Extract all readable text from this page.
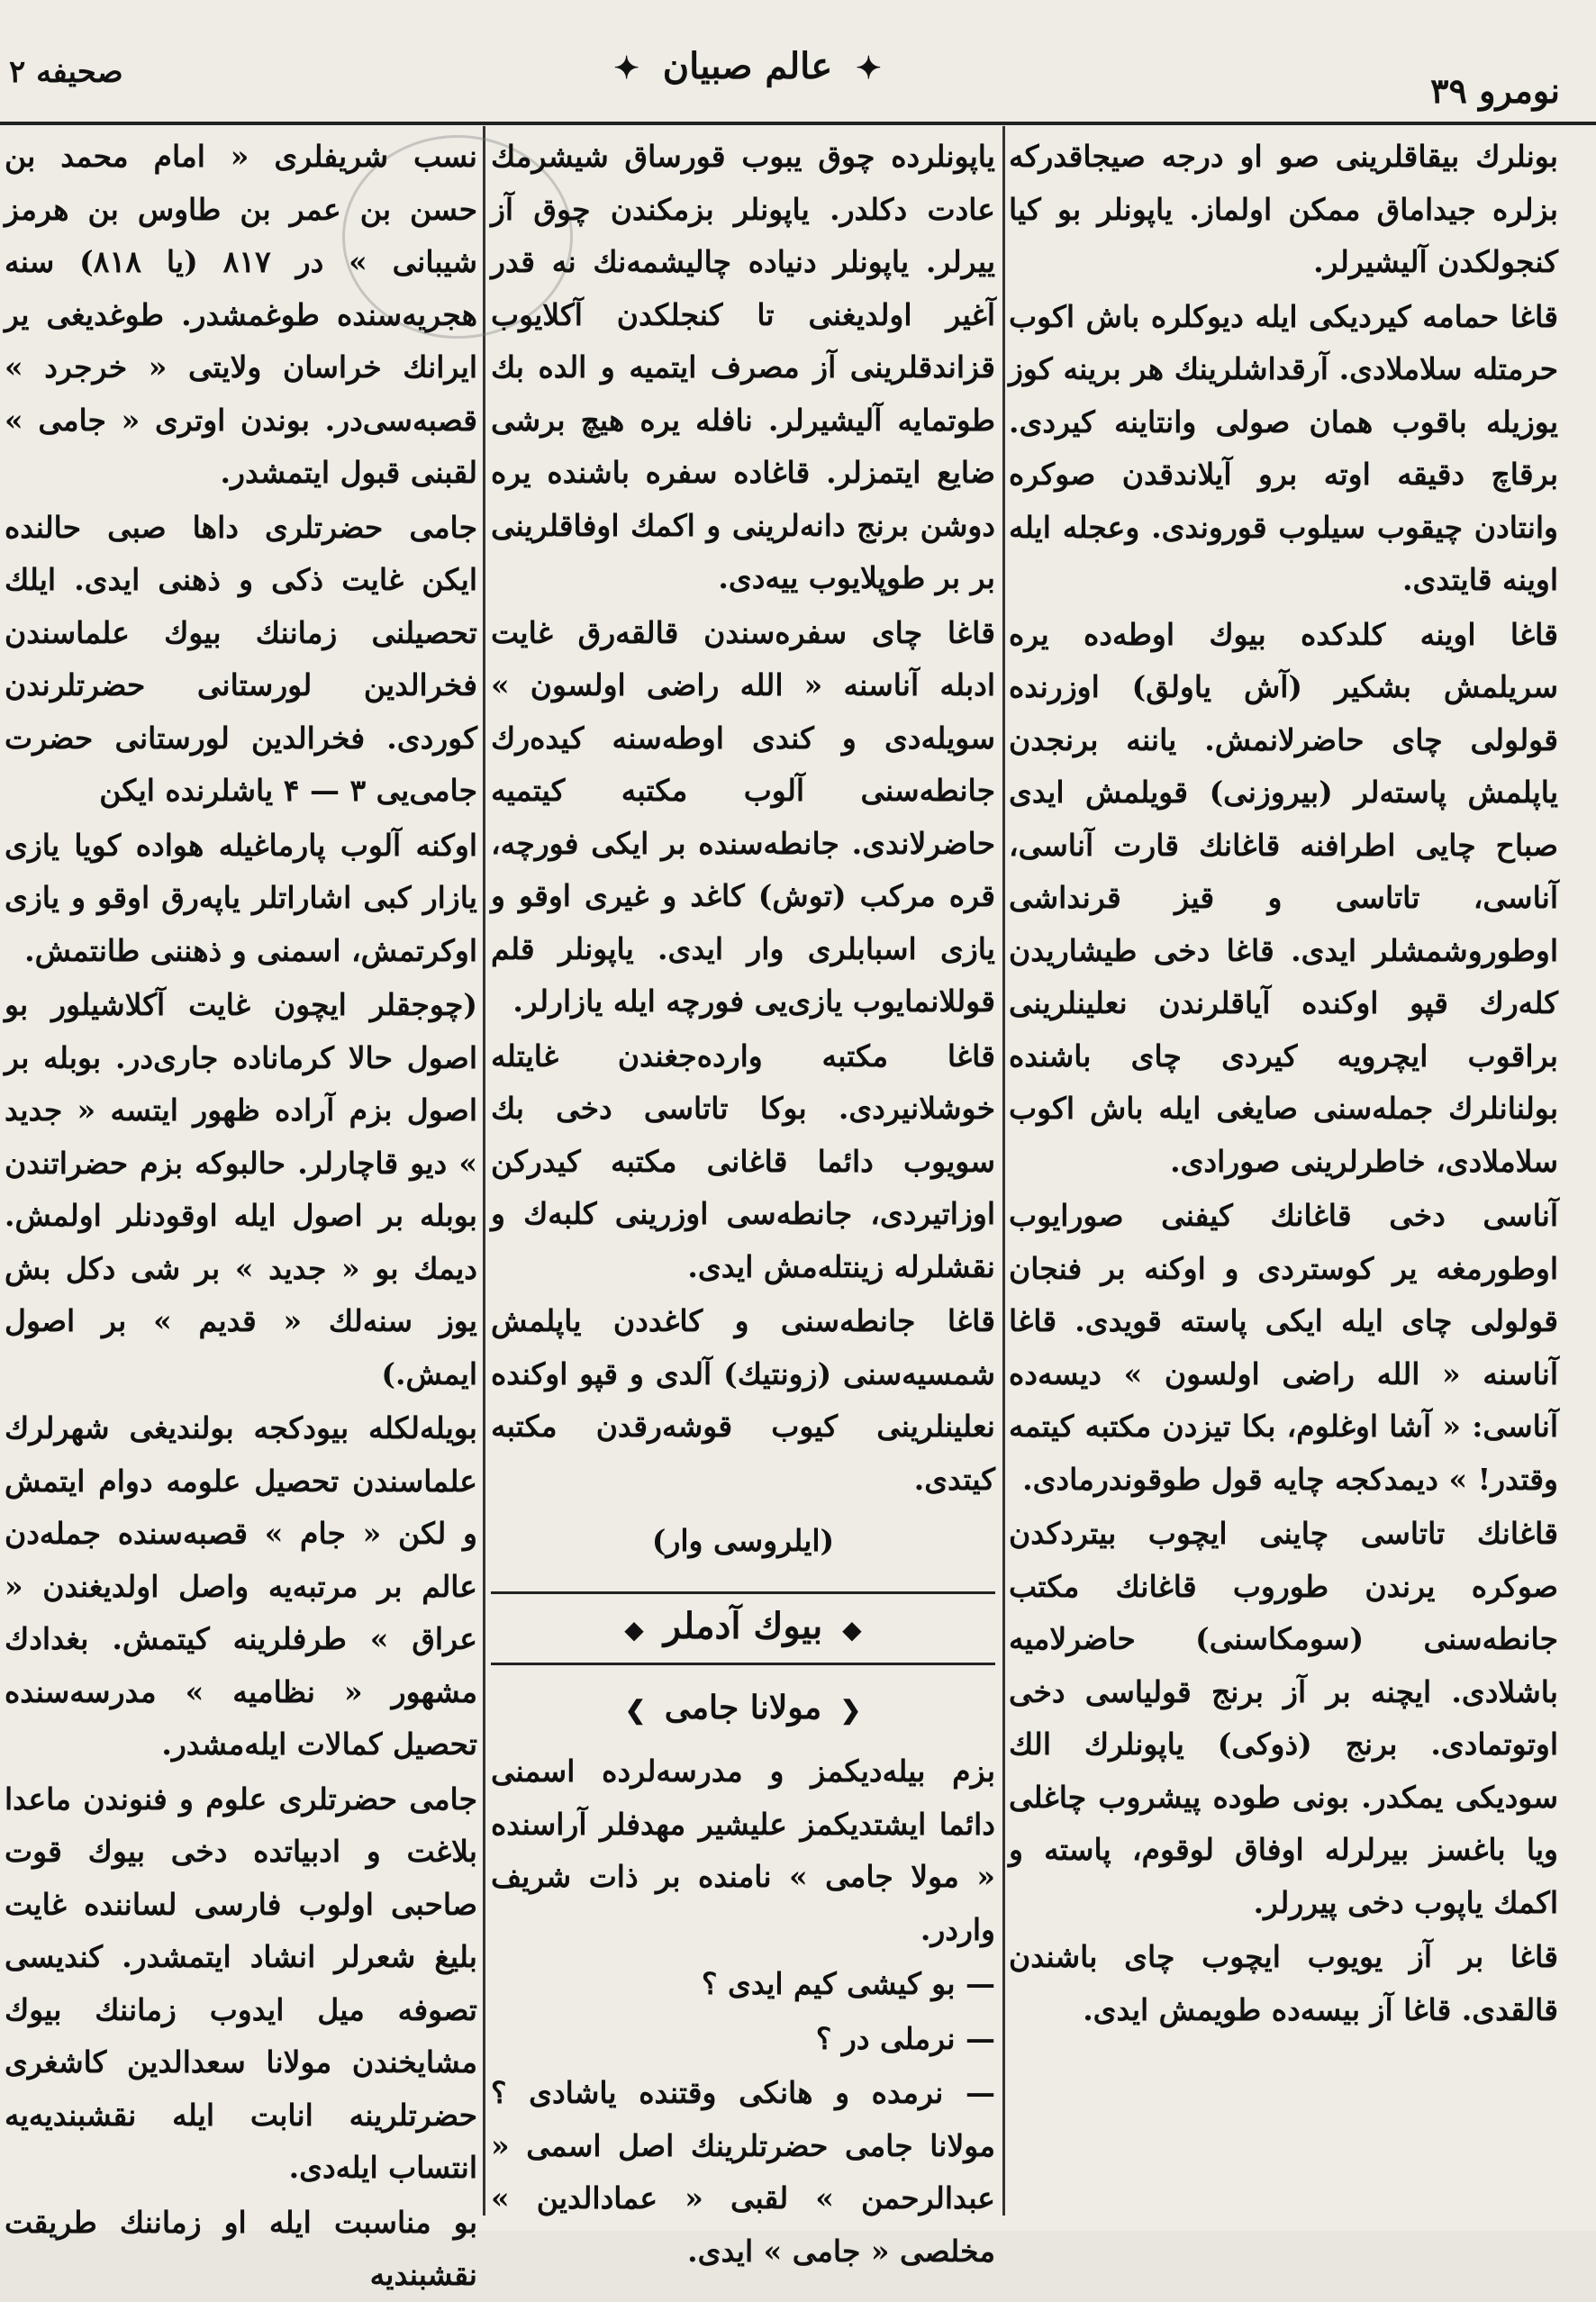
صحیفه ۲	✦ عالم صبیان ✦
نومرو ۳۹

بونلرك بیقاقلرینی صو او درجه صیجاقدرکه بزلره جیداماق ممکن اولماز. یاپونلر بو کیا کنجولکدن آلیشیرلر.

قاغا حمامه کیردیکی ایله دیوکلره باش اکوب حرمتله سلاملادی. آرقداشلرینك هر برینه کوز یوزیله باقوب همان صولی وانتاینه کیردی. برقاچ دقیقه اوته برو آیلاندقدن صوکره وانتادن چیقوب سیلوب قوروندی. وعجله ایله اوینه قایتدی.

قاغا اوینه کلدکده بیوك اوطه‌ده یره سریلمش بشکیر (آش یاولق) اوزرنده قولولی چای حاضرلانمش. یاننه برنجدن یاپلمش پاستەلر (بیروزنی) قویلمش ایدی صباح چایی اطرافنه قاغانك قارت آناسی، آناسی، تاتاسی و قیز قرنداشی اوطوروشمشلر ایدی. قاغا دخی طیشاریدن کلەرك قپو اوکنده آیاقلرندن نعلینلرینی براقوب ایچرویه کیردی چای باشنده بولنانلرك جمله‌سنی صایغی ایله باش اکوب سلاملادی، خاطرلرینی صورادی.

آناسی دخی قاغانك کیفنی صورایوب اوطورمغه یر کوستردی و اوکنه بر فنجان قولولی چای ایله ایکی پاسته قویدی. قاغا آناسنه « الله راضی اولسون » دیسه‌ده آناسی: « آشا اوغلوم، بکا تیزدن مکتبه کیتمه وقتدر! » دیمدکجه چایه قول طوقوندرمادی.

قاغانك تاتاسی چاینی ایچوب بیتردکدن صوکره یرندن طوروب قاغانك مکتب جانطه‌سنی (سومکاسنی) حاضرلامیه باشلادی. ایچنه بر آز برنج قولیاسی دخی اوتوتمادی. برنج (ذوکی) یاپونلرك الك سودیکی یمکدر. بونی طوده پیشروب چاغلی ویا باغسز بیرلرله اوفاق لوقوم، پاسته و اکمك یاپوب دخی پیررلر.

قاغا بر آز یویوب ایچوب چای باشندن قالقدی. قاغا آز بیسه‌ده طویمش ایدی.

یاپونلرده چوق یبوب قورساق شیشرمك عادت دکلدر. یاپونلر بزمکندن چوق آز ییرلر. یاپونلر دنیاده چالیشمه‌نك نه قدر آغیر اولدیغنی تا کنجلکدن آکلایوب قزاندقلرینی آز مصرف ایتمیه و الده بك طوتمایه آلیشیرلر. نافله یره هیچ برشی ضایع ایتمزلر. قاغاده سفره باشنده یره دوشن برنج دانه‌لرینی و اکمك اوفاقلرینی بر بر طوپلایوب ییه‌دی.

قاغا چای سفره‌سندن قالقه‌رق غایت ادبله آناسنه « الله راضی اولسون » سویله‌دی و کندی اوطه‌سنه کیده‌رك جانطه‌سنی آلوب مکتبه کیتمیه حاضرلاندی. جانطه‌سنده بر ایکی فورچه، قره مرکب (توش) کاغد و غیری اوقو و یازی اسبابلری وار ایدی. یاپونلر قلم قوللانمایوب یازی‌یی فورچه ایله یازارلر.

قاغا مکتبه وارده‌جغندن غایتله خوشلانیردی. بوکا تاتاسی دخی بك سویوب دائما قاغانی مکتبه کیدرکن اوزاتیردی، جانطه‌سی اوزرینی کلبه‌ك و نقشلرله زینتله‌مش ایدی.

قاغا جانطه‌سنی و کاغددن یاپلمش شمسیه‌سنی (زونتیك) آلدی و قپو اوکنده نعلینلرینی کیوب قوشه‌رقدن مکتبه کیتدی.

(ایلروسی وار)
◆ بیوك آدملر ◆
❮ مولانا جامی ❯

بزم بیله‌دیکمز و مدرسه‌لرده اسمنی دائما ایشتدیکمز علیشیر مهدفلر آراسنده « مولا جامی » نامنده بر ذات شریف واردر.

— بو کیشی کیم ایدی ؟

— نرملی در ؟

— نرمده و هانکی وقتنده یاشادی ؟ مولانا جامی حضرتلرینك اصل اسمی « عبدالرحمن » لقبی « عمادالدین » مخلصی « جامی » ایدی.

نسب شریفلری « امام محمد بن حسن بن عمر بن طاوس بن هرمز شیبانی » در ۸۱۷ (یا ۸۱۸) سنه هجریه‌سنده طوغمشدر. طوغدیغی یر ایرانك خراسان ولایتی « خرجرد » قصبه‌سی‌در. بوندن اوتری « جامی » لقبنی قبول ایتمشدر.

جامی حضرتلری داها صبی حالنده ایکن غایت ذکی و ذهنی ایدی. ایلك تحصیلنی زماننك بیوك علماسندن فخرالدین لورستانی حضرتلرندن کوردی. فخرالدین لورستانی حضرت جامی‌یی ۳ — ۴ یاشلرنده ایکن

اوکنه آلوب پارماغیله هواده کویا یازی یازار کبی اشاراتلر یاپه‌رق اوقو و یازی اوکرتمش، اسمنی و ذهننی طانتمش.

(چوجقلر ایچون غایت آکلاشیلور بو اصول حالا کرماناده جاری‌در. بوبله بر اصول بزم آراده ظهور ایتسه « جدید » دیو قاچارلر. حالبوکه بزم حضراتندن بوبله بر اصول ایله اوقودنلر اولمش. دیمك بو « جدید » بر شی دکل بش یوز سنه‌لك « قدیم » بر اصول ایمش.)

بویله‌لکله بیودکجه بولندیغی شهرلرك علماسندن تحصیل علومه دوام ایتمش و لکن « جام » قصبه‌سنده جمله‌دن عالم بر مرتبه‌یه واصل اولدیغندن « عراق » طرفلرینه کیتمش. بغدادك مشهور « نظامیه » مدرسه‌سنده تحصیل کمالات ایله‌مشدر.

جامی حضرتلری علوم و فنوندن ماعدا بلاغت و ادبیاتده دخی بیوك قوت صاحبی اولوب فارسی لساننده غایت بلیغ شعرلر انشاد ایتمشدر. کندیسی تصوفه میل ایدوب زماننك بیوك مشایخندن مولانا سعدالدین کاشغری حضرتلرینه انابت ایله نقشبندیه‌یه انتساب ایله‌دی.

بو مناسبت ایله او زماننك طریقت نقشبندیه
